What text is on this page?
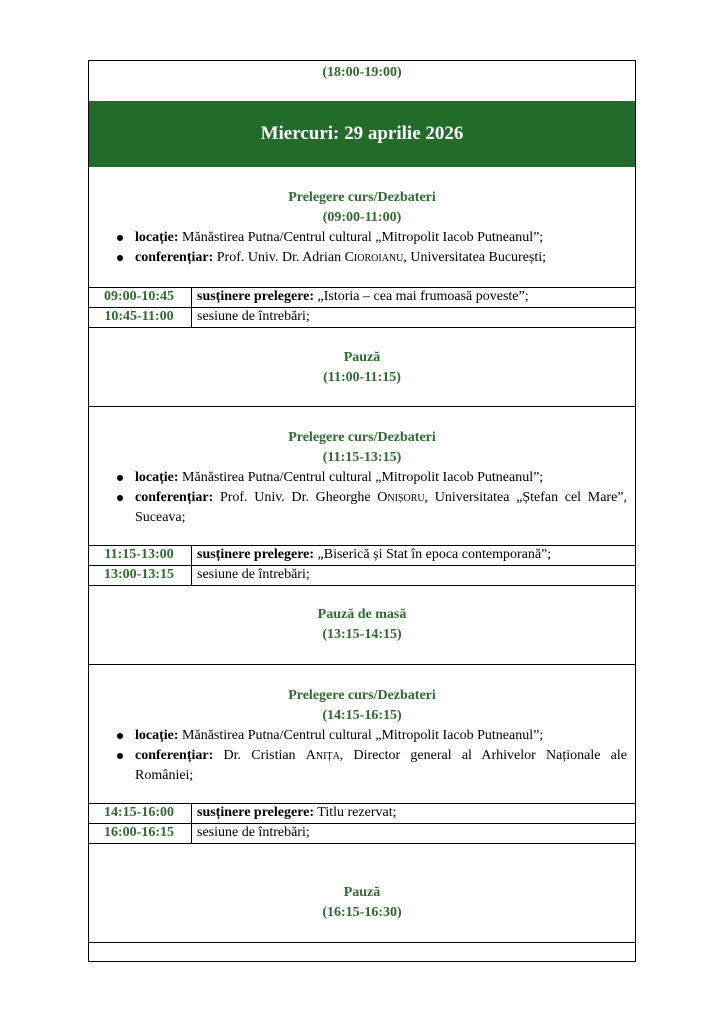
(18:00-19:00)
Miercuri: 29 aprilie 2026
Prelegere curs/Dezbateri
(09:00-11:00)
locație: Mănăstirea Putna/Centrul cultural „Mitropolit Iacob Putneanul”;
conferențiar: Prof. Univ. Dr. Adrian Cioroianu, Universitatea București;
09:00-10:45	susținere prelegere: „Istoria – cea mai frumoasă poveste”;
10:45-11:00	sesiune de întrebări;
Pauză
(11:00-11:15)
Prelegere curs/Dezbateri
(11:15-13:15)
locație: Mănăstirea Putna/Centrul cultural „Mitropolit Iacob Putneanul”;
conferențiar: Prof. Univ. Dr. Gheorghe Onișoru, Universitatea „Ștefan cel Mare”, Suceava;
11:15-13:00	susținere prelegere: „Biserică și Stat în epoca contemporană”;
13:00-13:15	sesiune de întrebări;
Pauză de masă
(13:15-14:15)
Prelegere curs/Dezbateri
(14:15-16:15)
locație: Mănăstirea Putna/Centrul cultural „Mitropolit Iacob Putneanul”;
conferențiar: Dr. Cristian Anița, Director general al Arhivelor Naționale ale României;
14:15-16:00	susținere prelegere: Titlu rezervat;
16:00-16:15	sesiune de întrebări;
Pauză
(16:15-16:30)
